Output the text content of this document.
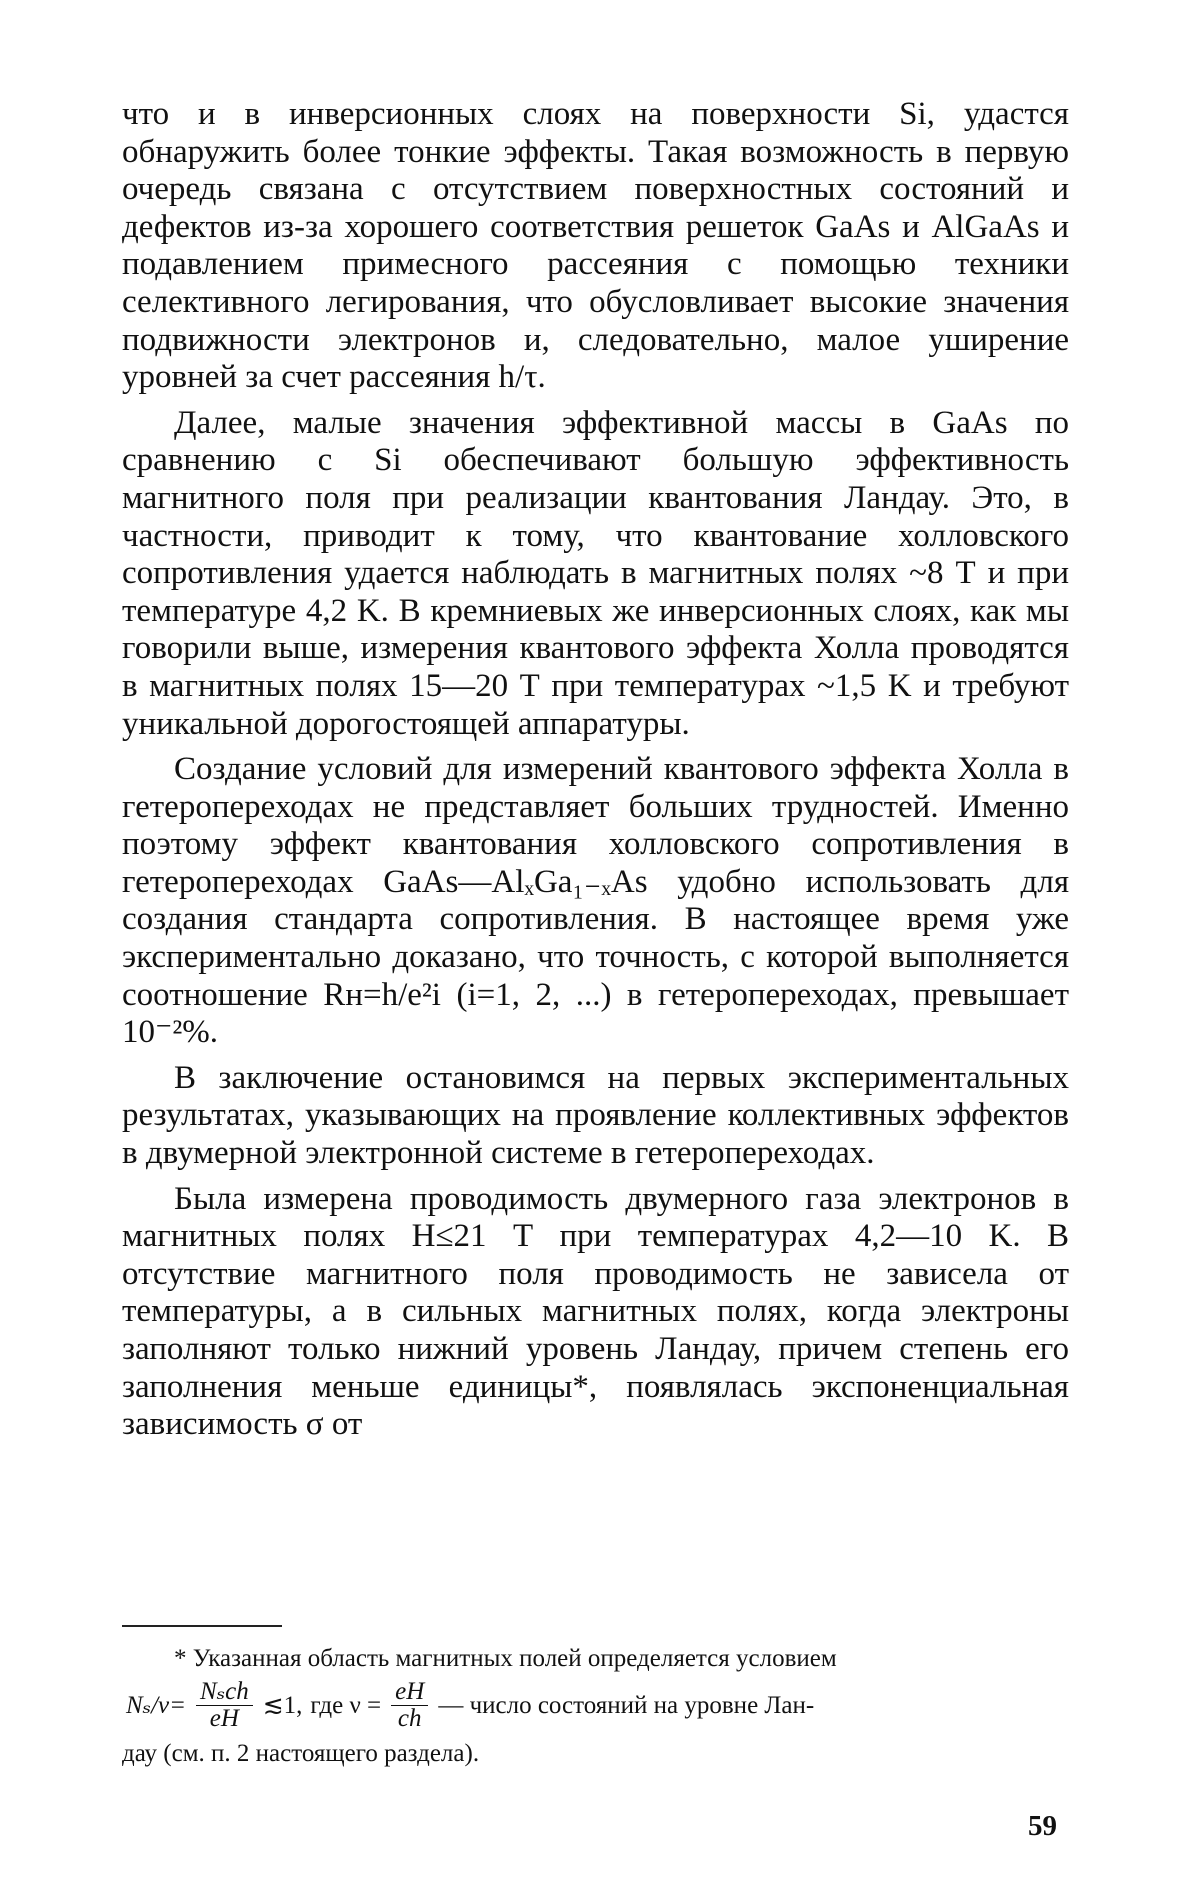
что и в инверсионных слоях на поверхности Si, удастся обнаружить более тонкие эффекты. Такая возможность в первую очередь связана с отсутствием поверхностных состояний и дефектов из-за хорошего соответствия решеток GaAs и AlGaAs и подавлением примесного рассеяния с помощью техники селективного легирования, что обусловливает высокие значения подвижности электронов и, следовательно, малое уширение уровней за счет рассеяния h/τ.

Далее, малые значения эффективной массы в GaAs по сравнению с Si обеспечивают большую эффективность магнитного поля при реализации квантования Ландау. Это, в частности, приводит к тому, что квантование холловского сопротивления удается наблюдать в магнитных полях ~8 Т и при температуре 4,2 K. В кремниевых же инверсионных слоях, как мы говорили выше, измерения квантового эффекта Холла проводятся в магнитных полях 15—20 Т при температурах ~1,5 K и требуют уникальной дорогостоящей аппаратуры.

Создание условий для измерений квантового эффекта Холла в гетеропереходах не представляет больших трудностей. Именно поэтому эффект квантования холловского сопротивления в гетеропереходах GaAs—AlₓGa₁₋ₓAs удобно использовать для создания стандарта сопротивления. В настоящее время уже экспериментально доказано, что точность, с которой выполняется соотношение Rн=h/e²i (i=1, 2, ...) в гетеропереходах, превышает 10⁻²%.

В заключение остановимся на первых экспериментальных результатах, указывающих на проявление коллективных эффектов в двумерной электронной системе в гетеропереходах.

Была измерена проводимость двумерного газа электронов в магнитных полях H≤21 Т при температурах 4,2—10 K. В отсутствие магнитного поля проводимость не зависела от температуры, а в сильных магнитных полях, когда электроны заполняют только нижний уровень Ландау, причем степень его заполнения меньше единицы*, появлялась экспоненциальная зависимость σ от

* Указанная область магнитных полей определяется условием

$N_s/\nu= \frac{\text{Nₛch}}{eH}$ ≲1, где $\nu = \frac{eH}{ch}$ — число состояний на уровне Лан-

дау (см. п. 2 настоящего раздела).

59
